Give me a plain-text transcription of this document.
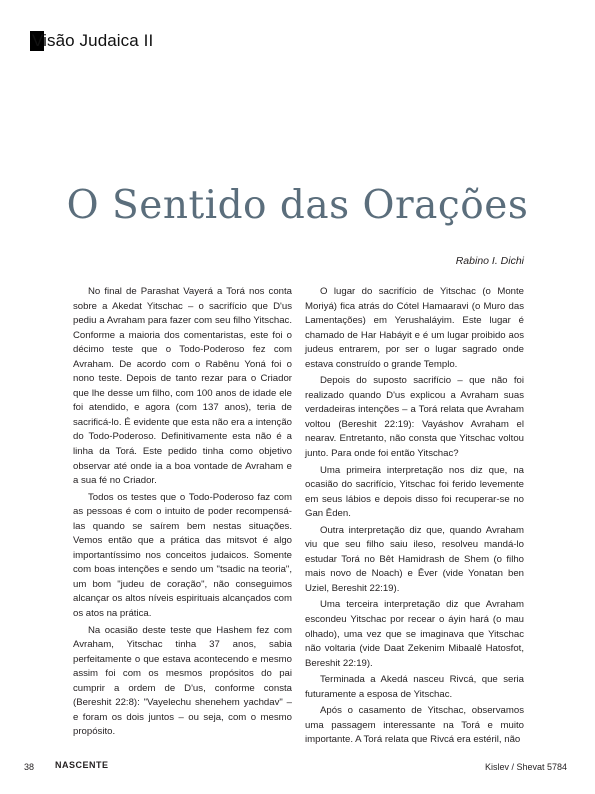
Visão Judaica II
O Sentido das Orações
Rabino I. Dichi

No final de Parashat Vayerá a Torá nos conta sobre a Akedat Yitschac – o sacrifício que D'us pediu a Avraham para fazer com seu filho Yitschac. Conforme a maioria dos comentaristas, este foi o décimo teste que o Todo-Poderoso fez com Avraham. De acordo com o Rabênu Yoná foi o nono teste. Depois de tanto rezar para o Criador que lhe desse um filho, com 100 anos de idade ele foi atendido, e agora (com 137 anos), teria de sacrificá-lo. É evidente que esta não era a intenção do Todo-Poderoso. Definitivamente esta não é a linha da Torá. Este pedido tinha como objetivo observar até onde ia a boa vontade de Avraham e a sua fé no Criador.

Todos os testes que o Todo-Poderoso faz com as pessoas é com o intuito de poder recompensá-las quando se saírem bem nestas situações. Vemos então que a prática das mitsvot é algo importantíssimo nos conceitos judaicos. Somente com boas intenções e sendo um "tsadic na teoria", um bom "judeu de coração", não conseguimos alcançar os altos níveis espirituais alcançados com os atos na prática.

Na ocasião deste teste que Hashem fez com Avraham, Yitschac tinha 37 anos, sabia perfeitamente o que estava acontecendo e mesmo assim foi com os mesmos propósitos do pai cumprir a ordem de D'us, conforme consta (Bereshit 22:8): "Vayelechu shenehem yachdav" – e foram os dois juntos – ou seja, com o mesmo propósito.

O lugar do sacrifício de Yitschac (o Monte Moriyá) fica atrás do Cótel Hamaaravi (o Muro das Lamentações) em Yerushaláyim. Este lugar é chamado de Har Habáyit e é um lugar proibido aos judeus entrarem, por ser o lugar sagrado onde estava construído o grande Templo.

Depois do suposto sacrifício – que não foi realizado quando D'us explicou a Avraham suas verdadeiras intenções – a Torá relata que Avraham voltou (Bereshit 22:19): Vayáshov Avraham el nearav. Entretanto, não consta que Yitschac voltou junto. Para onde foi então Yitschac?

Uma primeira interpretação nos diz que, na ocasião do sacrifício, Yitschac foi ferido levemente em seus lábios e depois disso foi recuperar-se no Gan Êden.

Outra interpretação diz que, quando Avraham viu que seu filho saiu ileso, resolveu mandá-lo estudar Torá no Bêt Hamidrash de Shem (o filho mais novo de Noach) e Êver (vide Yonatan ben Uziel, Bereshit 22:19).

Uma terceira interpretação diz que Avraham escondeu Yitschac por recear o áyin hará (o mau olhado), uma vez que se imaginava que Yitschac não voltaria (vide Daat Zekenim Mibaalê Hatosfot, Bereshit 22:19).

Terminada a Akedá nasceu Rivcá, que seria futuramente a esposa de Yitschac.

Após o casamento de Yitschac, observamos uma passagem interessante na Torá e muito importante. A Torá relata que Rivcá era estéril, não

38 NASCENTE	Kislev / Shevat 5784
